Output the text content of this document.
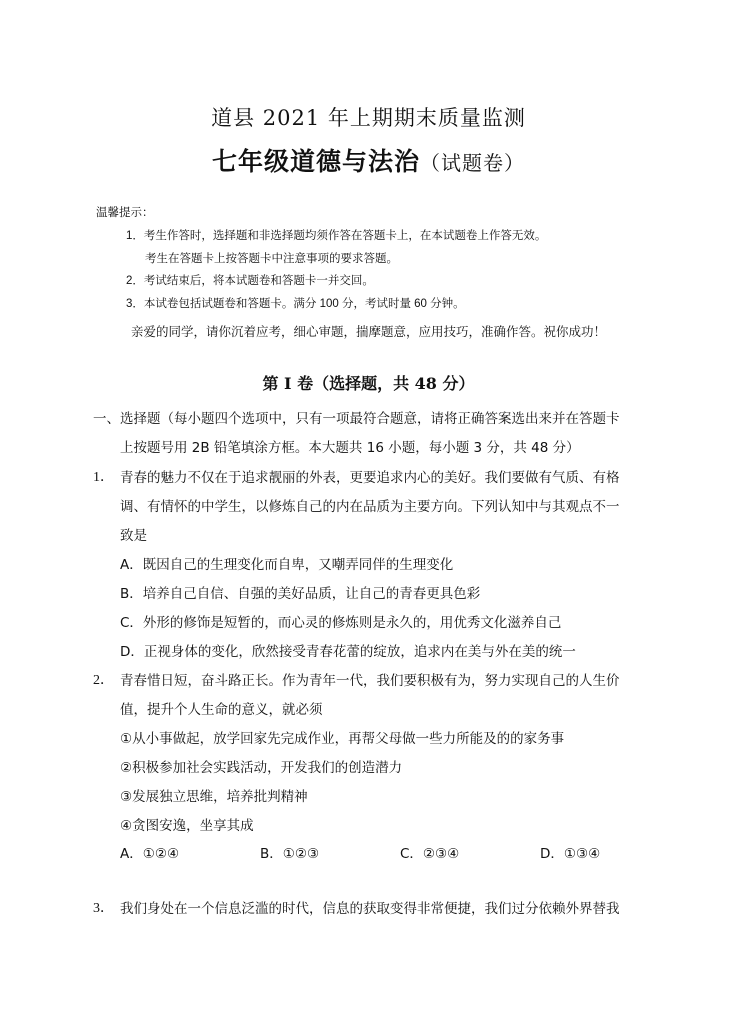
道县 2021 年上期期末质量监测
七年级道德与法治（试题卷）
温馨提示：
1．考生作答时，选择题和非选择题均须作答在答题卡上，在本试题卷上作答无效。
考生在答题卡上按答题卡中注意事项的要求答题。
2．考试结束后，将本试题卷和答题卡一并交回。
3．本试卷包括试题卷和答题卡。满分 100 分，考试时量 60 分钟。
亲爱的同学，请你沉着应考，细心审题，揣摩题意，应用技巧，准确作答。祝你成功！
第 I 卷（选择题，共 48 分）
一、选择题（每小题四个选项中，只有一项最符合题意，请将正确答案选出来并在答题卡
上按题号用 2B 铅笔填涂方框。本大题共 16 小题，每小题 3 分，共 48 分）
1． 青春的魅力不仅在于追求靓丽的外表，更要追求内心的美好。我们要做有气质、有格
调、有情怀的中学生，以修炼自己的内在品质为主要方向。下列认知中与其观点不一
致是
A．既因自己的生理变化而自卑，又嘲弄同伴的生理变化
B．培养自己自信、自强的美好品质，让自己的青春更具色彩
C．外形的修饰是短暂的，而心灵的修炼则是永久的，用优秀文化滋养自己
D．正视身体的变化，欣然接受青春花蕾的绽放，追求内在美与外在美的统一
2． 青春惜日短，奋斗路正长。作为青年一代，我们要积极有为，努力实现自己的人生价
值，提升个人生命的意义，就必须
①从小事做起，放学回家先完成作业，再帮父母做一些力所能及的的家务事
②积极参加社会实践活动，开发我们的创造潜力
③发展独立思维，培养批判精神
④贪图安逸，坐享其成
A．①②④	B．①②③	C．②③④	D．①③④
3． 我们身处在一个信息泛滥的时代，信息的获取变得非常便捷，我们过分依赖外界替我
